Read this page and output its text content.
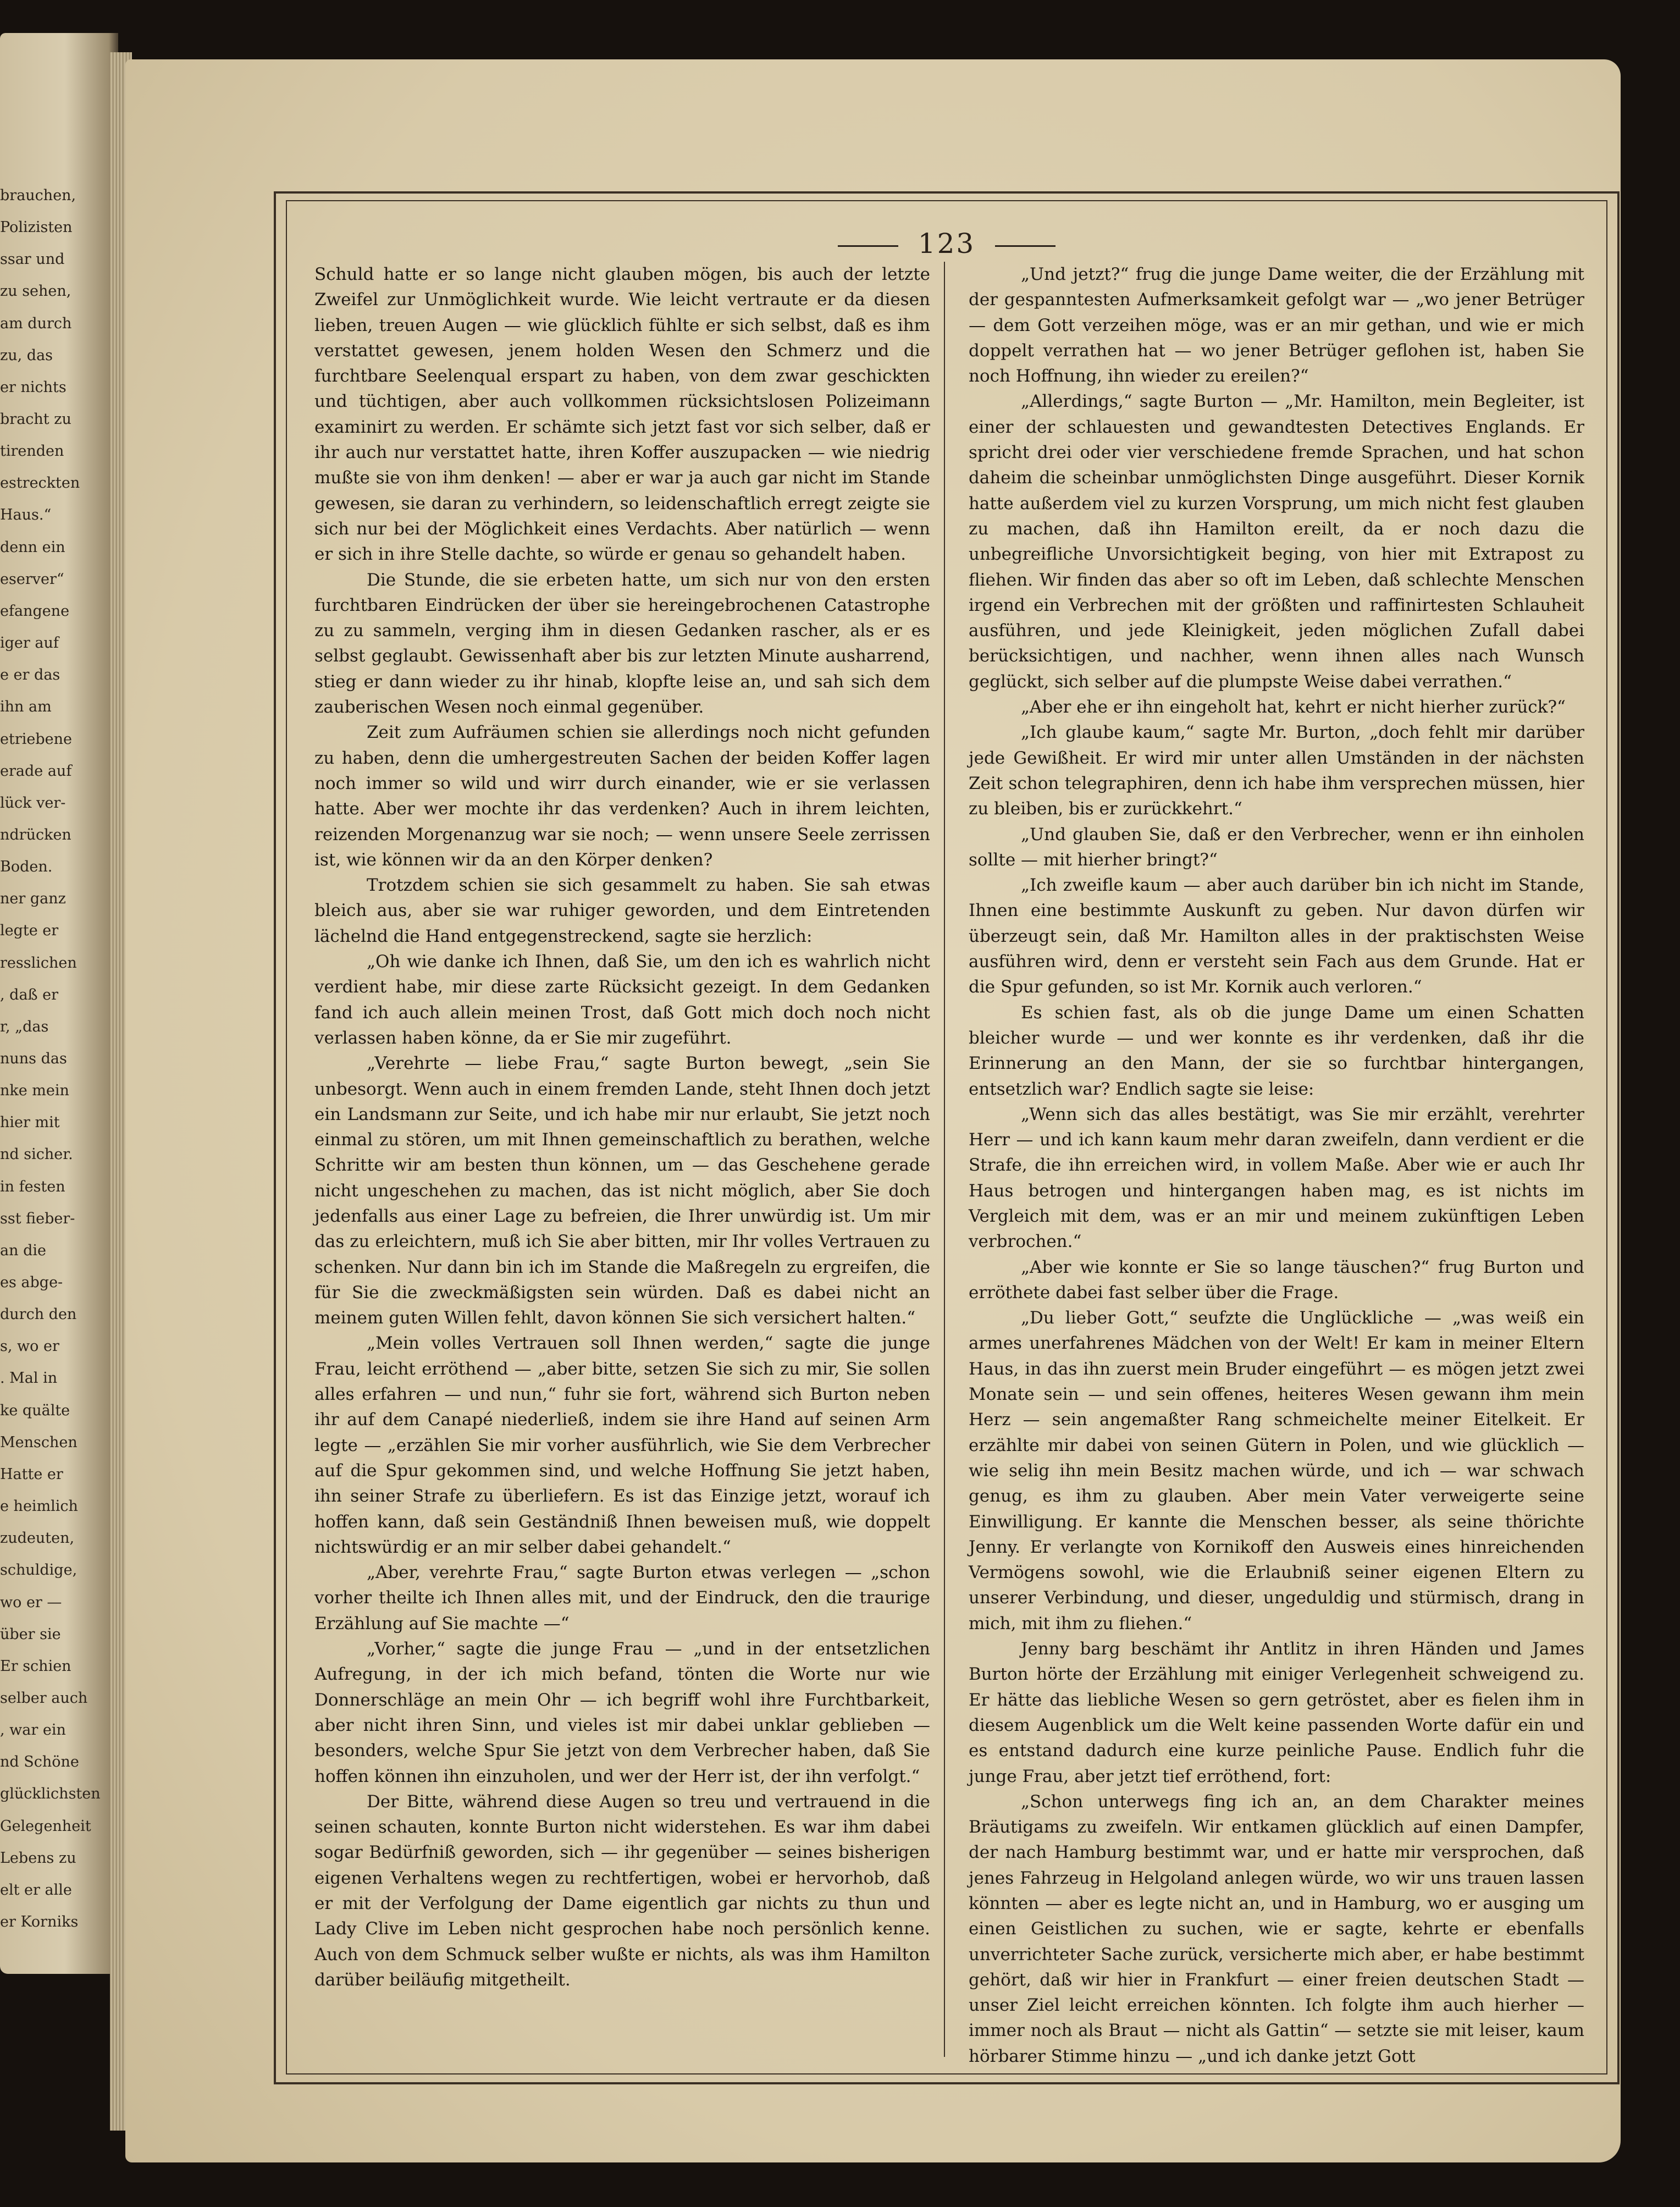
brauchen,
Polizisten
ssar und
zu sehen,
am durch
zu, das
er nichts
bracht zu
tirenden
estreckten
Haus.“
denn ein
eserver“
efangene
iger auf
e er das
ihn am
etriebene
erade auf
lück ver-
ndrücken
Boden.
ner ganz
legte er
resslichen
, daß er
r, „das
nuns das
nke mein
hier mit
nd sicher.
in festen
sst fieber-
an die
es abge-
durch den
s, wo er
. Mal in
ke quälte
Menschen
Hatte er
e heimlich
zudeuten,
schuldige,
wo er —
über sie
Er schien
selber auch
, war ein
nd Schöne
glücklichsten
Gelegenheit
Lebens zu
elt er alle
er Korniks
123

Schuld hatte er so lange nicht glauben mögen, bis auch der letzte Zweifel zur Unmöglichkeit wurde. Wie leicht vertraute er da diesen lieben, treuen Augen — wie glücklich fühlte er sich selbst, daß es ihm verstattet gewesen, jenem holden Wesen den Schmerz und die furchtbare Seelenqual erspart zu haben, von dem zwar geschickten und tüchtigen, aber auch vollkommen rücksichtslosen Polizeimann examinirt zu werden. Er schämte sich jetzt fast vor sich selber, daß er ihr auch nur verstattet hatte, ihren Koffer auszupacken — wie niedrig mußte sie von ihm denken! — aber er war ja auch gar nicht im Stande gewesen, sie daran zu verhindern, so leidenschaftlich erregt zeigte sie sich nur bei der Möglichkeit eines Verdachts. Aber natürlich — wenn er sich in ihre Stelle dachte, so würde er genau so gehandelt haben.

Die Stunde, die sie erbeten hatte, um sich nur von den ersten furchtbaren Eindrücken der über sie hereingebrochenen Catastrophe zu zu sammeln, verging ihm in diesen Gedanken rascher, als er es selbst geglaubt. Gewissenhaft aber bis zur letzten Minute ausharrend, stieg er dann wieder zu ihr hinab, klopfte leise an, und sah sich dem zauberischen Wesen noch einmal gegenüber.

Zeit zum Aufräumen schien sie allerdings noch nicht gefunden zu haben, denn die umhergestreuten Sachen der beiden Koffer lagen noch immer so wild und wirr durch einander, wie er sie verlassen hatte. Aber wer mochte ihr das verdenken? Auch in ihrem leichten, reizenden Morgenanzug war sie noch; — wenn unsere Seele zerrissen ist, wie können wir da an den Körper denken?

Trotzdem schien sie sich gesammelt zu haben. Sie sah etwas bleich aus, aber sie war ruhiger geworden, und dem Eintretenden lächelnd die Hand entgegenstreckend, sagte sie herzlich:

„Oh wie danke ich Ihnen, daß Sie, um den ich es wahrlich nicht verdient habe, mir diese zarte Rücksicht gezeigt. In dem Gedanken fand ich auch allein meinen Trost, daß Gott mich doch noch nicht verlassen haben könne, da er Sie mir zugeführt.

„Verehrte — liebe Frau,“ sagte Burton bewegt, „sein Sie unbesorgt. Wenn auch in einem fremden Lande, steht Ihnen doch jetzt ein Landsmann zur Seite, und ich habe mir nur erlaubt, Sie jetzt noch einmal zu stören, um mit Ihnen gemeinschaftlich zu berathen, welche Schritte wir am besten thun können, um — das Geschehene gerade nicht ungeschehen zu machen, das ist nicht möglich, aber Sie doch jedenfalls aus einer Lage zu befreien, die Ihrer unwürdig ist. Um mir das zu erleichtern, muß ich Sie aber bitten, mir Ihr volles Vertrauen zu schenken. Nur dann bin ich im Stande die Maßregeln zu ergreifen, die für Sie die zweckmäßigsten sein würden. Daß es dabei nicht an meinem guten Willen fehlt, davon können Sie sich versichert halten.“

„Mein volles Vertrauen soll Ihnen werden,“ sagte die junge Frau, leicht erröthend — „aber bitte, setzen Sie sich zu mir, Sie sollen alles erfahren — und nun,“ fuhr sie fort, während sich Burton neben ihr auf dem Canapé niederließ, indem sie ihre Hand auf seinen Arm legte — „erzählen Sie mir vorher ausführlich, wie Sie dem Verbrecher auf die Spur gekommen sind, und welche Hoffnung Sie jetzt haben, ihn seiner Strafe zu überliefern. Es ist das Einzige jetzt, worauf ich hoffen kann, daß sein Geständniß Ihnen beweisen muß, wie doppelt nichtswürdig er an mir selber dabei gehandelt.“

„Aber, verehrte Frau,“ sagte Burton etwas verlegen — „schon vorher theilte ich Ihnen alles mit, und der Eindruck, den die traurige Erzählung auf Sie machte —“

„Vorher,“ sagte die junge Frau — „und in der entsetzlichen Aufregung, in der ich mich befand, tönten die Worte nur wie Donnerschläge an mein Ohr — ich begriff wohl ihre Furchtbarkeit, aber nicht ihren Sinn, und vieles ist mir dabei unklar geblieben — besonders, welche Spur Sie jetzt von dem Verbrecher haben, daß Sie hoffen können ihn einzuholen, und wer der Herr ist, der ihn verfolgt.“

Der Bitte, während diese Augen so treu und vertrauend in die seinen schauten, konnte Burton nicht widerstehen. Es war ihm dabei sogar Bedürfniß geworden, sich — ihr gegenüber — seines bisherigen eigenen Verhaltens wegen zu rechtfertigen, wobei er hervorhob, daß er mit der Verfolgung der Dame eigentlich gar nichts zu thun und Lady Clive im Leben nicht gesprochen habe noch persönlich kenne. Auch von dem Schmuck selber wußte er nichts, als was ihm Hamilton darüber beiläufig mitgetheilt.

„Und jetzt?“ frug die junge Dame weiter, die der Erzählung mit der gespanntesten Aufmerksamkeit gefolgt war — „wo jener Betrüger — dem Gott verzeihen möge, was er an mir gethan, und wie er mich doppelt verrathen hat — wo jener Betrüger geflohen ist, haben Sie noch Hoffnung, ihn wieder zu ereilen?“

„Allerdings,“ sagte Burton — „Mr. Hamilton, mein Begleiter, ist einer der schlauesten und gewandtesten Detectives Englands. Er spricht drei oder vier verschiedene fremde Sprachen, und hat schon daheim die scheinbar unmöglichsten Dinge ausgeführt. Dieser Kornik hatte außerdem viel zu kurzen Vorsprung, um mich nicht fest glauben zu machen, daß ihn Hamilton ereilt, da er noch dazu die unbegreifliche Unvorsichtigkeit beging, von hier mit Extrapost zu fliehen. Wir finden das aber so oft im Leben, daß schlechte Menschen irgend ein Verbrechen mit der größten und raffinirtesten Schlauheit ausführen, und jede Kleinigkeit, jeden möglichen Zufall dabei berücksichtigen, und nachher, wenn ihnen alles nach Wunsch geglückt, sich selber auf die plumpste Weise dabei verrathen.“

„Aber ehe er ihn eingeholt hat, kehrt er nicht hierher zurück?“

„Ich glaube kaum,“ sagte Mr. Burton, „doch fehlt mir darüber jede Gewißheit. Er wird mir unter allen Umständen in der nächsten Zeit schon telegraphiren, denn ich habe ihm versprechen müssen, hier zu bleiben, bis er zurückkehrt.“

„Und glauben Sie, daß er den Verbrecher, wenn er ihn einholen sollte — mit hierher bringt?“

„Ich zweifle kaum — aber auch darüber bin ich nicht im Stande, Ihnen eine bestimmte Auskunft zu geben. Nur davon dürfen wir überzeugt sein, daß Mr. Hamilton alles in der praktischsten Weise ausführen wird, denn er versteht sein Fach aus dem Grunde. Hat er die Spur gefunden, so ist Mr. Kornik auch verloren.“

Es schien fast, als ob die junge Dame um einen Schatten bleicher wurde — und wer konnte es ihr verdenken, daß ihr die Erinnerung an den Mann, der sie so furchtbar hintergangen, entsetzlich war? Endlich sagte sie leise:

„Wenn sich das alles bestätigt, was Sie mir erzählt, verehrter Herr — und ich kann kaum mehr daran zweifeln, dann verdient er die Strafe, die ihn erreichen wird, in vollem Maße. Aber wie er auch Ihr Haus betrogen und hintergangen haben mag, es ist nichts im Vergleich mit dem, was er an mir und meinem zukünftigen Leben verbrochen.“

„Aber wie konnte er Sie so lange täuschen?“ frug Burton und erröthete dabei fast selber über die Frage.

„Du lieber Gott,“ seufzte die Unglückliche — „was weiß ein armes unerfahrenes Mädchen von der Welt! Er kam in meiner Eltern Haus, in das ihn zuerst mein Bruder eingeführt — es mögen jetzt zwei Monate sein — und sein offenes, heiteres Wesen gewann ihm mein Herz — sein angemaßter Rang schmeichelte meiner Eitelkeit. Er erzählte mir dabei von seinen Gütern in Polen, und wie glücklich — wie selig ihn mein Besitz machen würde, und ich — war schwach genug, es ihm zu glauben. Aber mein Vater verweigerte seine Einwilligung. Er kannte die Menschen besser, als seine thörichte Jenny. Er verlangte von Kornikoff den Ausweis eines hinreichenden Vermögens sowohl, wie die Erlaubniß seiner eigenen Eltern zu unserer Verbindung, und dieser, ungeduldig und stürmisch, drang in mich, mit ihm zu fliehen.“

Jenny barg beschämt ihr Antlitz in ihren Händen und James Burton hörte der Erzählung mit einiger Verlegenheit schweigend zu. Er hätte das liebliche Wesen so gern getröstet, aber es fielen ihm in diesem Augenblick um die Welt keine passenden Worte dafür ein und es entstand dadurch eine kurze peinliche Pause. Endlich fuhr die junge Frau, aber jetzt tief erröthend, fort:

„Schon unterwegs fing ich an, an dem Charakter meines Bräutigams zu zweifeln. Wir entkamen glücklich auf einen Dampfer, der nach Hamburg bestimmt war, und er hatte mir versprochen, daß jenes Fahrzeug in Helgoland anlegen würde, wo wir uns trauen lassen könnten — aber es legte nicht an, und in Hamburg, wo er ausging um einen Geistlichen zu suchen, wie er sagte, kehrte er ebenfalls unverrichteter Sache zurück, versicherte mich aber, er habe bestimmt gehört, daß wir hier in Frankfurt — einer freien deutschen Stadt — unser Ziel leicht erreichen könnten. Ich folgte ihm auch hierher — immer noch als Braut — nicht als Gattin“ — setzte sie mit leiser, kaum hörbarer Stimme hinzu — „und ich danke jetzt Gott
